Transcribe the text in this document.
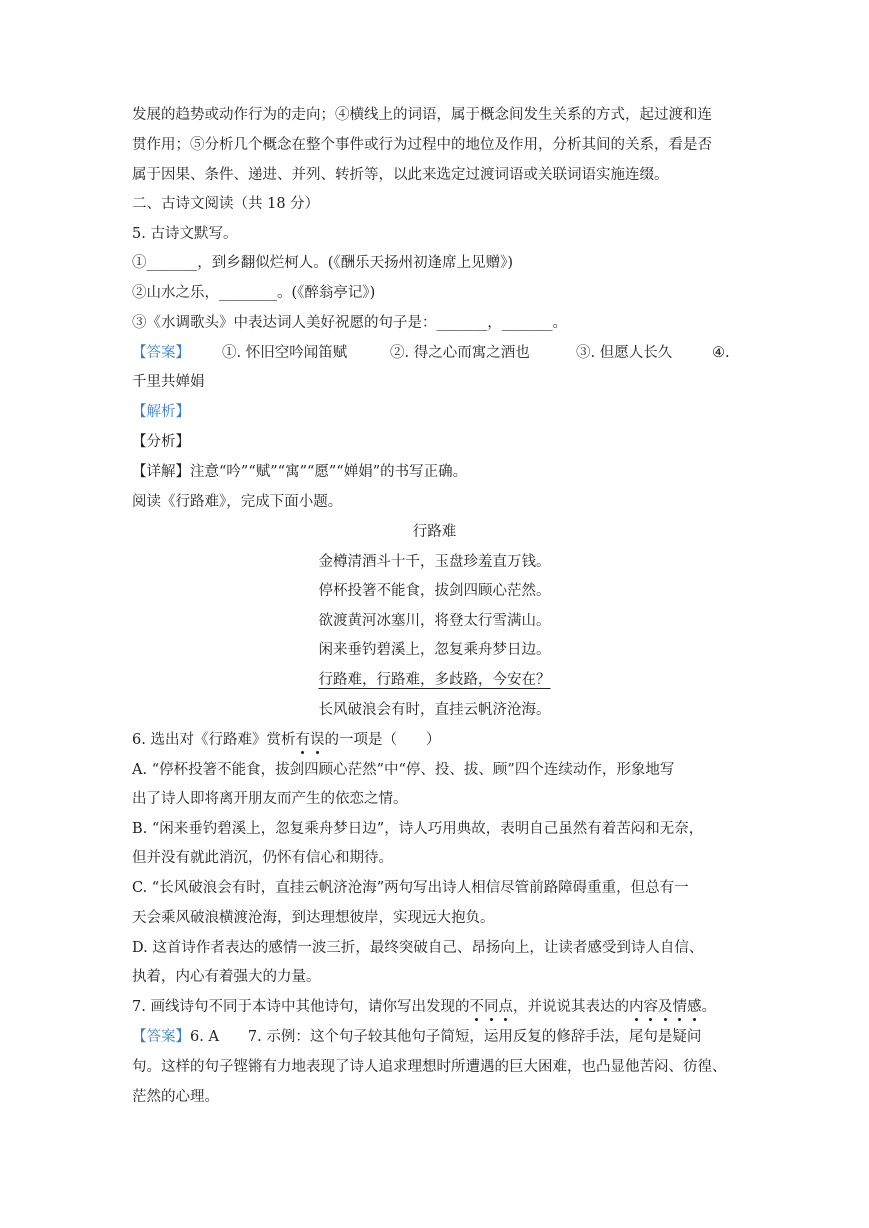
发展的趋势或动作行为的走向；④横线上的词语，属于概念间发生关系的方式，起过渡和连
贯作用；⑤分析几个概念在整个事件或行为过程中的地位及作用，分析其间的关系，看是否
属于因果、条件、递进、并列、转折等，以此来选定过渡词语或关联词语实施连缀。
二、古诗文阅读（共 18 分）
5. 古诗文默写。
①_______，到乡翻似烂柯人。(《酬乐天扬州初逢席上见赠》)
②山水之乐，________。(《醉翁亭记》)
③《水调歌头》中表达词人美好祝愿的句子是：_______，_______。
【答案】 ①. 怀旧空吟闻笛赋	②. 得之心而寓之酒也	③. 但愿人长久	④.
千里共婵娟
【解析】
【分析】
【详解】注意“吟”“赋”“寓”“愿”“婵娟”的书写正确。
阅读《行路难》，完成下面小题。
行路难
金樽清酒斗十千，玉盘珍羞直万钱。
停杯投箸不能食，拔剑四顾心茫然。
欲渡黄河冰塞川，将登太行雪满山。
闲来垂钓碧溪上，忽复乘舟梦日边。
行路难，行路难，多歧路，今安在？
长风破浪会有时，直挂云帆济沧海。
6. 选出对《行路难》赏析有误的一项是（　　）
A. “停杯投箸不能食，拔剑四顾心茫然”中“停、投、拔、顾”四个连续动作，形象地写
出了诗人即将离开朋友而产生的依恋之情。
B. “闲来垂钓碧溪上，忽复乘舟梦日边”，诗人巧用典故，表明自己虽然有着苦闷和无奈，
但并没有就此消沉，仍怀有信心和期待。
C. “长风破浪会有时，直挂云帆济沧海”两句写出诗人相信尽管前路障碍重重，但总有一
天会乘风破浪横渡沧海，到达理想彼岸，实现远大抱负。
D. 这首诗作者表达的感情一波三折，最终突破自己、昂扬向上，让读者感受到诗人自信、
执着，内心有着强大的力量。
7. 画线诗句不同于本诗中其他诗句，请你写出发现的不同点，并说说其表达的内容及情感。
【答案】6. A　　7. 示例：这个句子较其他句子简短，运用反复的修辞手法，尾句是疑问
句。这样的句子铿锵有力地表现了诗人追求理想时所遭遇的巨大困难，也凸显他苦闷、彷徨、
茫然的心理。
